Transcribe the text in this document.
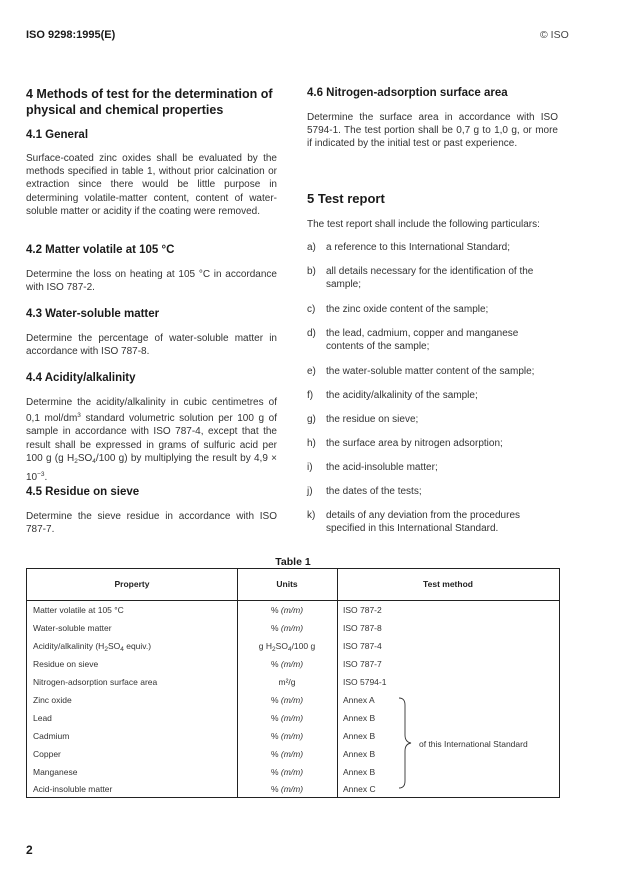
ISO 9298:1995(E)	© ISO
4 Methods of test for the determination of physical and chemical properties
4.1 General
Surface-coated zinc oxides shall be evaluated by the methods specified in table 1, without prior calcination or extraction since there would be little purpose in determining volatile-matter content, content of water-soluble matter or acidity if the coating were removed.
4.2 Matter volatile at 105 °C
Determine the loss on heating at 105 °C in accordance with ISO 787-2.
4.3 Water-soluble matter
Determine the percentage of water-soluble matter in accordance with ISO 787-8.
4.4 Acidity/alkalinity
Determine the acidity/alkalinity in cubic centimetres of 0,1 mol/$dm^3$ standard volumetric solution per 100 g of sample in accordance with ISO 787-4, except that the result shall be expressed in grams of sulfuric acid per 100 g (g $H_2SO_4/100$ g) by multiplying the result by $4,9 \times 10^{-3}$.
4.5 Residue on sieve
Determine the sieve residue in accordance with ISO 787-7.
4.6 Nitrogen-adsorption surface area
Determine the surface area in accordance with ISO 5794-1. The test portion shall be 0,7 g to 1,0 g, or more if indicated by the initial test or past experience.
5 Test report
The test report shall include the following particulars:
a) a reference to this International Standard;
b) all details necessary for the identification of the sample;
c) the zinc oxide content of the sample;
d) the lead, cadmium, copper and manganese contents of the sample;
e) the water-soluble matter content of the sample;
f) the acidity/alkalinity of the sample;
g) the residue on sieve;
h) the surface area by nitrogen adsorption;
i) the acid-insoluble matter;
j) the dates of the tests;
k) details of any deviation from the procedures specified in this International Standard.
Table 1
Property	Units	Test method
Matter volatile at 105 °C	% (m/m)	ISO 787-2
Water-soluble matter	% (m/m)	ISO 787-8
Acidity/alkalinity ($H_2SO_4$ equiv.)	g $H_2SO_4/100$ g	ISO 787-4
Residue on sieve	% (m/m)	ISO 787-7
Nitrogen-adsorption surface area	m²/g	ISO 5794-1
Zinc oxide	% (m/m)	Annex A
Lead	% (m/m)	Annex B
Cadmium	% (m/m)	Annex B
Copper	% (m/m)	Annex B
Manganese	% (m/m)	Annex B
Acid-insoluble matter	% (m/m)	Annex C
of this International Standard
2
